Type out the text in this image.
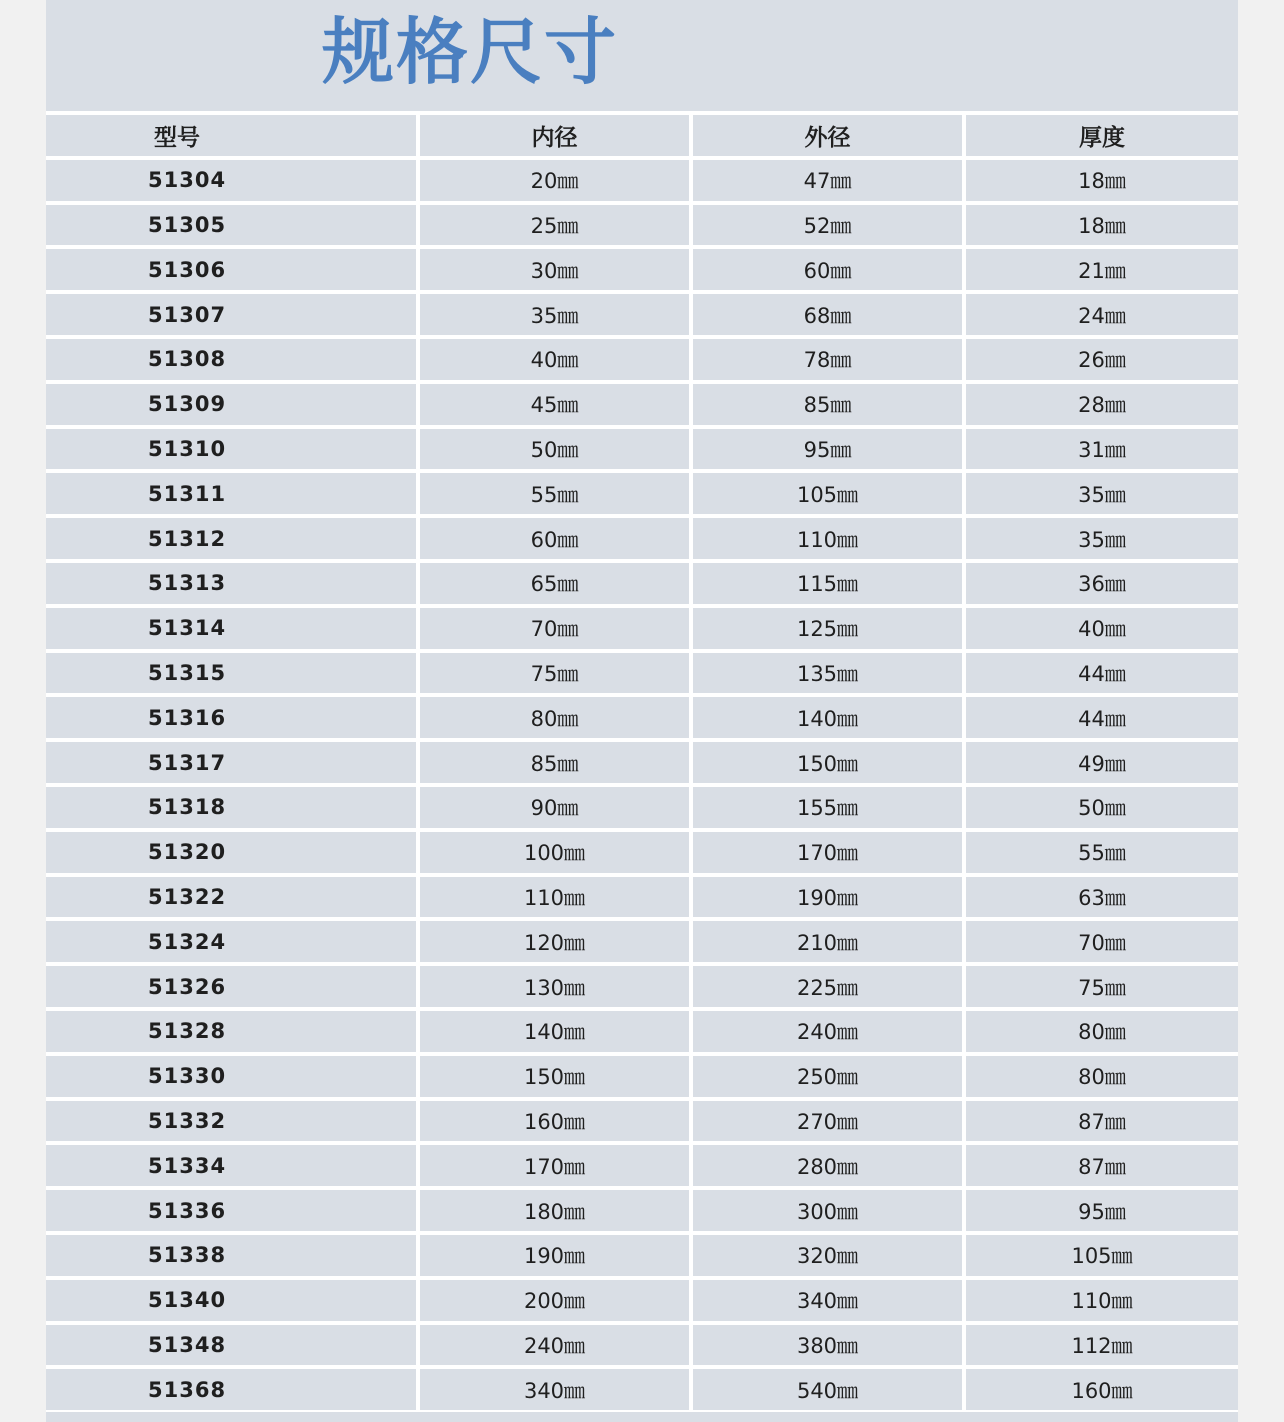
规格尺寸
型号	内径	外径	厚度
51304	20㎜	47㎜	18㎜
51305	25㎜	52㎜	18㎜
51306	30㎜	60㎜	21㎜
51307	35㎜	68㎜	24㎜
51308	40㎜	78㎜	26㎜
51309	45㎜	85㎜	28㎜
51310	50㎜	95㎜	31㎜
51311	55㎜	105㎜	35㎜
51312	60㎜	110㎜	35㎜
51313	65㎜	115㎜	36㎜
51314	70㎜	125㎜	40㎜
51315	75㎜	135㎜	44㎜
51316	80㎜	140㎜	44㎜
51317	85㎜	150㎜	49㎜
51318	90㎜	155㎜	50㎜
51320	100㎜	170㎜	55㎜
51322	110㎜	190㎜	63㎜
51324	120㎜	210㎜	70㎜
51326	130㎜	225㎜	75㎜
51328	140㎜	240㎜	80㎜
51330	150㎜	250㎜	80㎜
51332	160㎜	270㎜	87㎜
51334	170㎜	280㎜	87㎜
51336	180㎜	300㎜	95㎜
51338	190㎜	320㎜	105㎜
51340	200㎜	340㎜	110㎜
51348	240㎜	380㎜	112㎜
51368	340㎜	540㎜	160㎜
